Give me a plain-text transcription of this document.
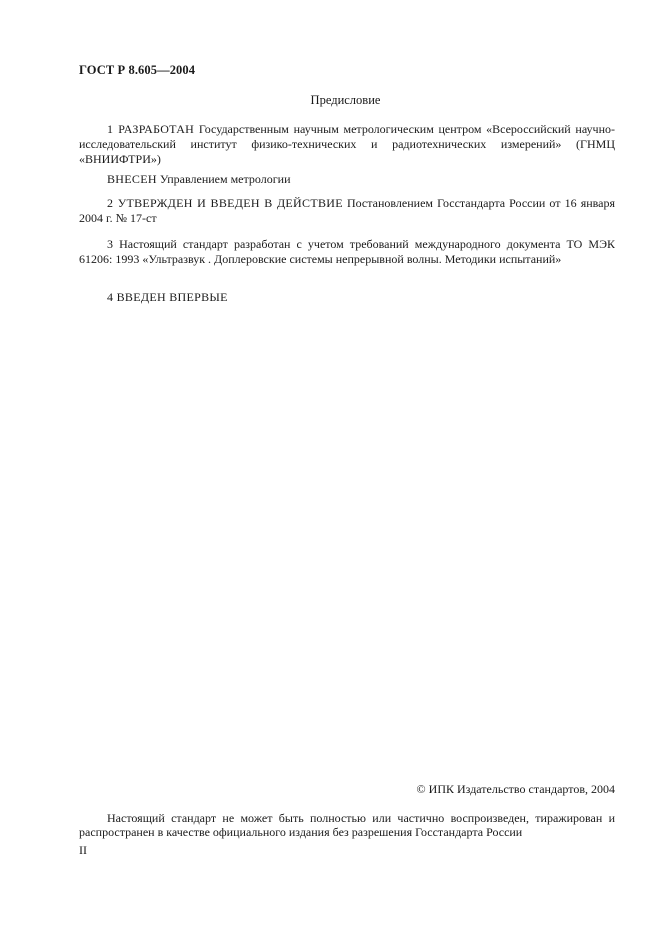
ГОСТ Р 8.605—2004
Предисловие
1 РАЗРАБОТАН Государственным научным метрологическим центром «Всероссийский научно-исследовательский институт физико-технических и радиотехнических измерений» (ГНМЦ «ВНИИФТРИ»)
ВНЕСЕН Управлением метрологии
2 УТВЕРЖДЕН И ВВЕДЕН В ДЕЙСТВИЕ Постановлением Госстандарта России от 16 января 2004 г. № 17-ст
3 Настоящий стандарт разработан с учетом требований международного документа ТО МЭК 61206: 1993 «Ультразвук . Доплеровские системы непрерывной волны. Методики испытаний»
4 ВВЕДЕН ВПЕРВЫЕ
© ИПК Издательство стандартов, 2004
Настоящий стандарт не может быть полностью или частично воспроизведен, тиражирован и распространен в качестве официального издания без разрешения Госстандарта России
II
